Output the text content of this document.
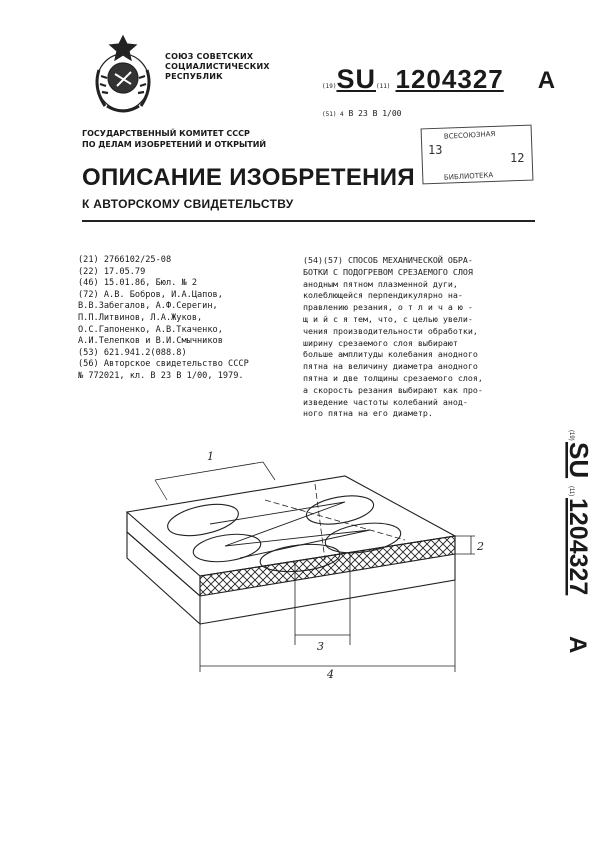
СОЮЗ СОВЕТСКИХ
СОЦИАЛИСТИЧЕСКИХ
РЕСПУБЛИК
(19)SU(11) 1204327 A
(51) 4 B 23 B 1/00
ВСЕСОЮЗНАЯ
13
12
БИБЛИОТЕКА
ГОСУДАРСТВЕННЫЙ КОМИТЕТ СССР
ПО ДЕЛАМ ИЗОБРЕТЕНИЙ И ОТКРЫТИЙ
ОПИСАНИЕ ИЗОБРЕТЕНИЯ
К АВТОРСКОМУ СВИДЕТЕЛЬСТВУ
(21) 2766102/25-08
(22) 17.05.79
(46) 15.01.86, Бюл. № 2
(72) А.В. Бобров, И.А.Цапов,
В.В.Забегалов, А.Ф.Серегин,
П.П.Литвинов, Л.А.Жуков,
О.С.Гапоненко, А.В.Ткаченко,
А.И.Телепков и В.И.Смычников
(53) 621.941.2(088.8)
(56) Авторское свидетельство СССР
№ 772021, кл. B 23 B 1/00, 1979.
(54)(57) СПОСОБ МЕХАНИЧЕСКОЙ ОБРА-
БОТКИ С ПОДОГРЕВОМ СРЕЗАЕМОГО СЛОЯ
анодным пятном плазменной дуги,
колеблющейся перпендикулярно на-
правлению резания, о т л и ч а ю -
щ и й с я тем, что, с целью увели-
чения производительности обработки,
ширину срезаемого слоя выбирают
больше амплитуды колебания анодного
пятна на величину диаметра анодного
пятна и две толщины срезаемого слоя,
а скорость резания выбирают как про-
изведение частоты колебаний анод-
ного пятна на его диаметр.
(19)
SU
(11)
1204327
A
1
2
3
4
